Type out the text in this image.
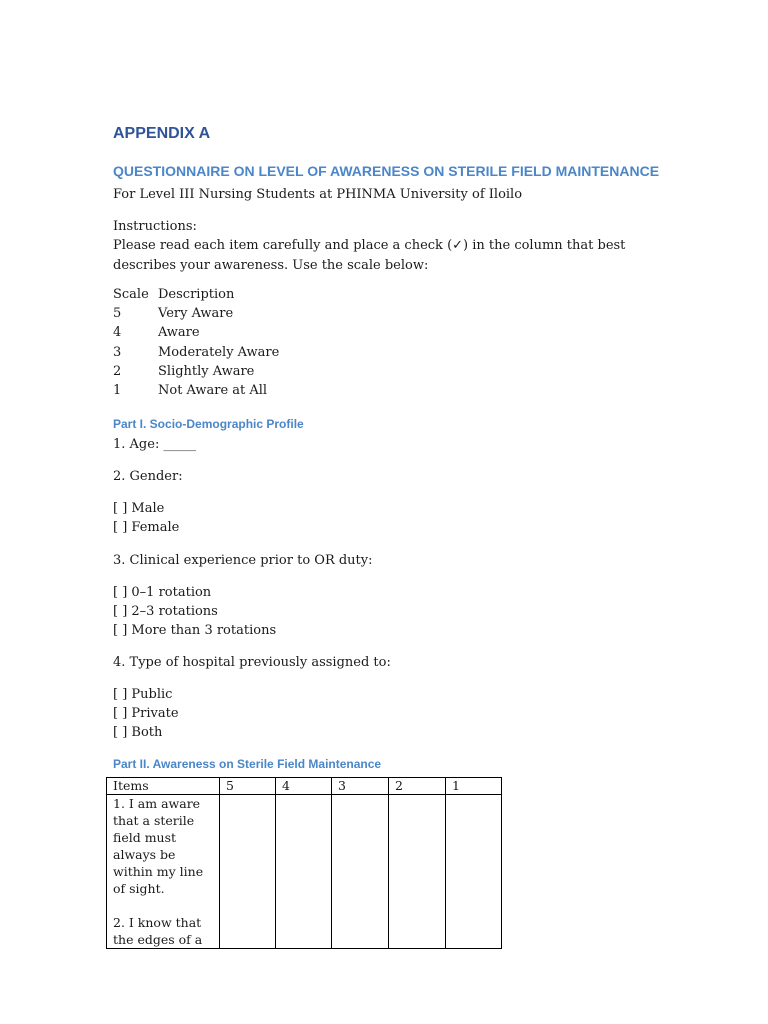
APPENDIX A
QUESTIONNAIRE ON LEVEL OF AWARENESS ON STERILE FIELD MAINTENANCE
For Level III Nursing Students at PHINMA University of Iloilo
Instructions:
Please read each item carefully and place a check (✓) in the column that best describes your awareness. Use the scale below:
Scale Description
5	Very Aware
4	Aware
3	Moderately Aware
2	Slightly Aware
1	Not Aware at All
Part I. Socio-Demographic Profile
1. Age: _____
2. Gender:
[ ] Male
[ ] Female
3. Clinical experience prior to OR duty:
[ ] 0–1 rotation
[ ] 2–3 rotations
[ ] More than 3 rotations
4. Type of hospital previously assigned to:
[ ] Public
[ ] Private
[ ] Both
Part II. Awareness on Sterile Field Maintenance
Items	5	4	3	2	1

1. I am aware that a sterile field must always be within my line of sight.

2. I know that the edges of a					
